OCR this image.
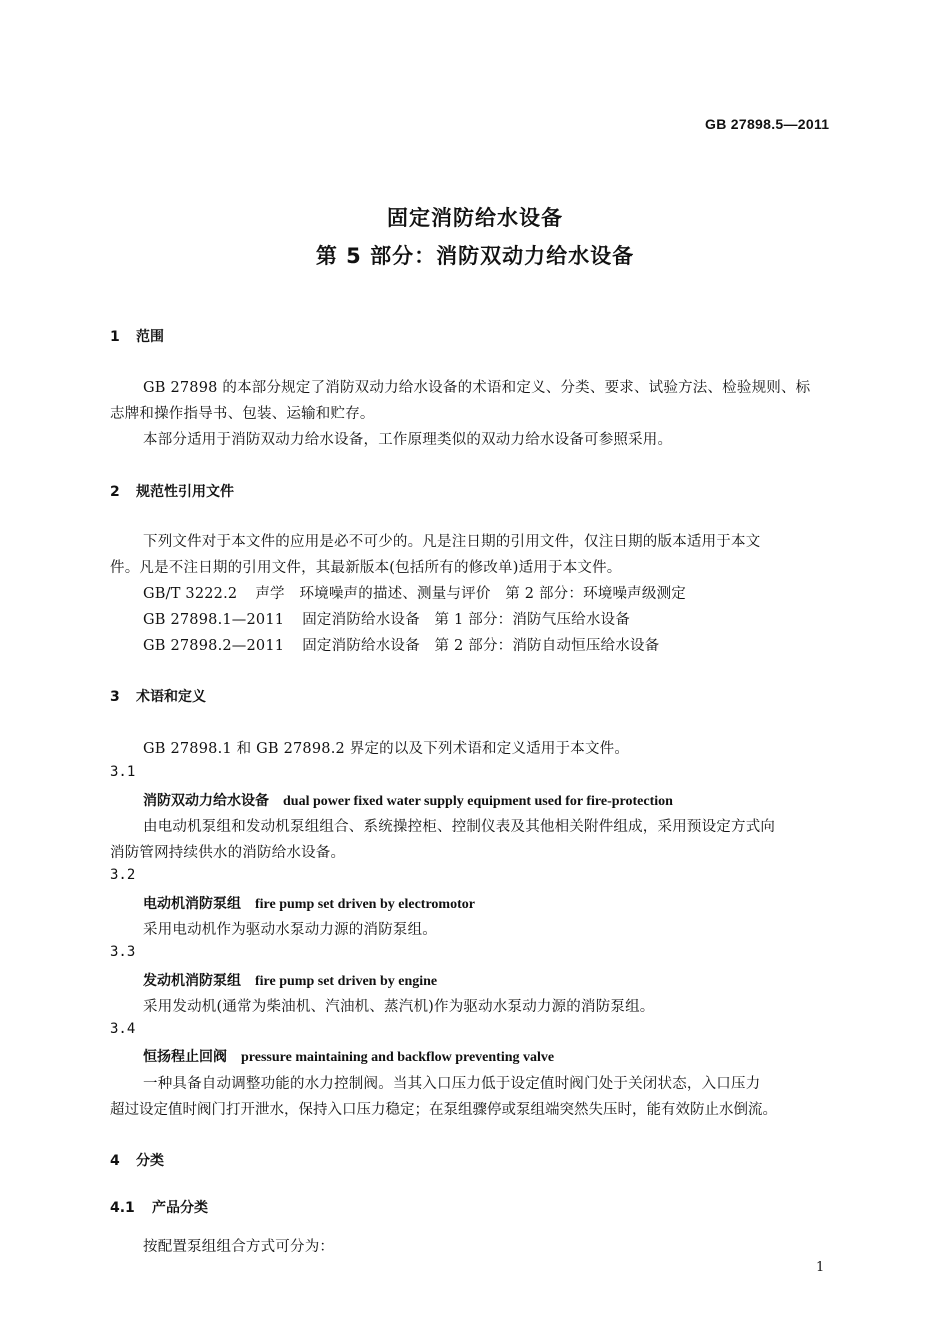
GB 27898.5—2011
固定消防给水设备
第 5 部分：消防双动力给水设备
1 范围
GB 27898 的本部分规定了消防双动力给水设备的术语和定义、分类、要求、试验方法、检验规则、标
志牌和操作指导书、包装、运输和贮存。
本部分适用于消防双动力给水设备，工作原理类似的双动力给水设备可参照采用。
2 规范性引用文件
下列文件对于本文件的应用是必不可少的。凡是注日期的引用文件，仅注日期的版本适用于本文
件。凡是不注日期的引用文件，其最新版本(包括所有的修改单)适用于本文件。
GB/T 3222.2 声学　环境噪声的描述、测量与评价　第 2 部分：环境噪声级测定
GB 27898.1—2011 固定消防给水设备　第 1 部分：消防气压给水设备
GB 27898.2—2011 固定消防给水设备　第 2 部分：消防自动恒压给水设备
3 术语和定义
GB 27898.1 和 GB 27898.2 界定的以及下列术语和定义适用于本文件。
3.1
消防双动力给水设备 dual power fixed water supply equipment used for fire-protection
由电动机泵组和发动机泵组组合、系统操控柜、控制仪表及其他相关附件组成，采用预设定方式向
消防管网持续供水的消防给水设备。
3.2
电动机消防泵组 fire pump set driven by electromotor
采用电动机作为驱动水泵动力源的消防泵组。
3.3
发动机消防泵组 fire pump set driven by engine
采用发动机(通常为柴油机、汽油机、蒸汽机)作为驱动水泵动力源的消防泵组。
3.4
恒扬程止回阀 pressure maintaining and backflow preventing valve
一种具备自动调整功能的水力控制阀。当其入口压力低于设定值时阀门处于关闭状态，入口压力
超过设定值时阀门打开泄水，保持入口压力稳定；在泵组骤停或泵组端突然失压时，能有效防止水倒流。
4 分类
4.1 产品分类
按配置泵组组合方式可分为：
1
